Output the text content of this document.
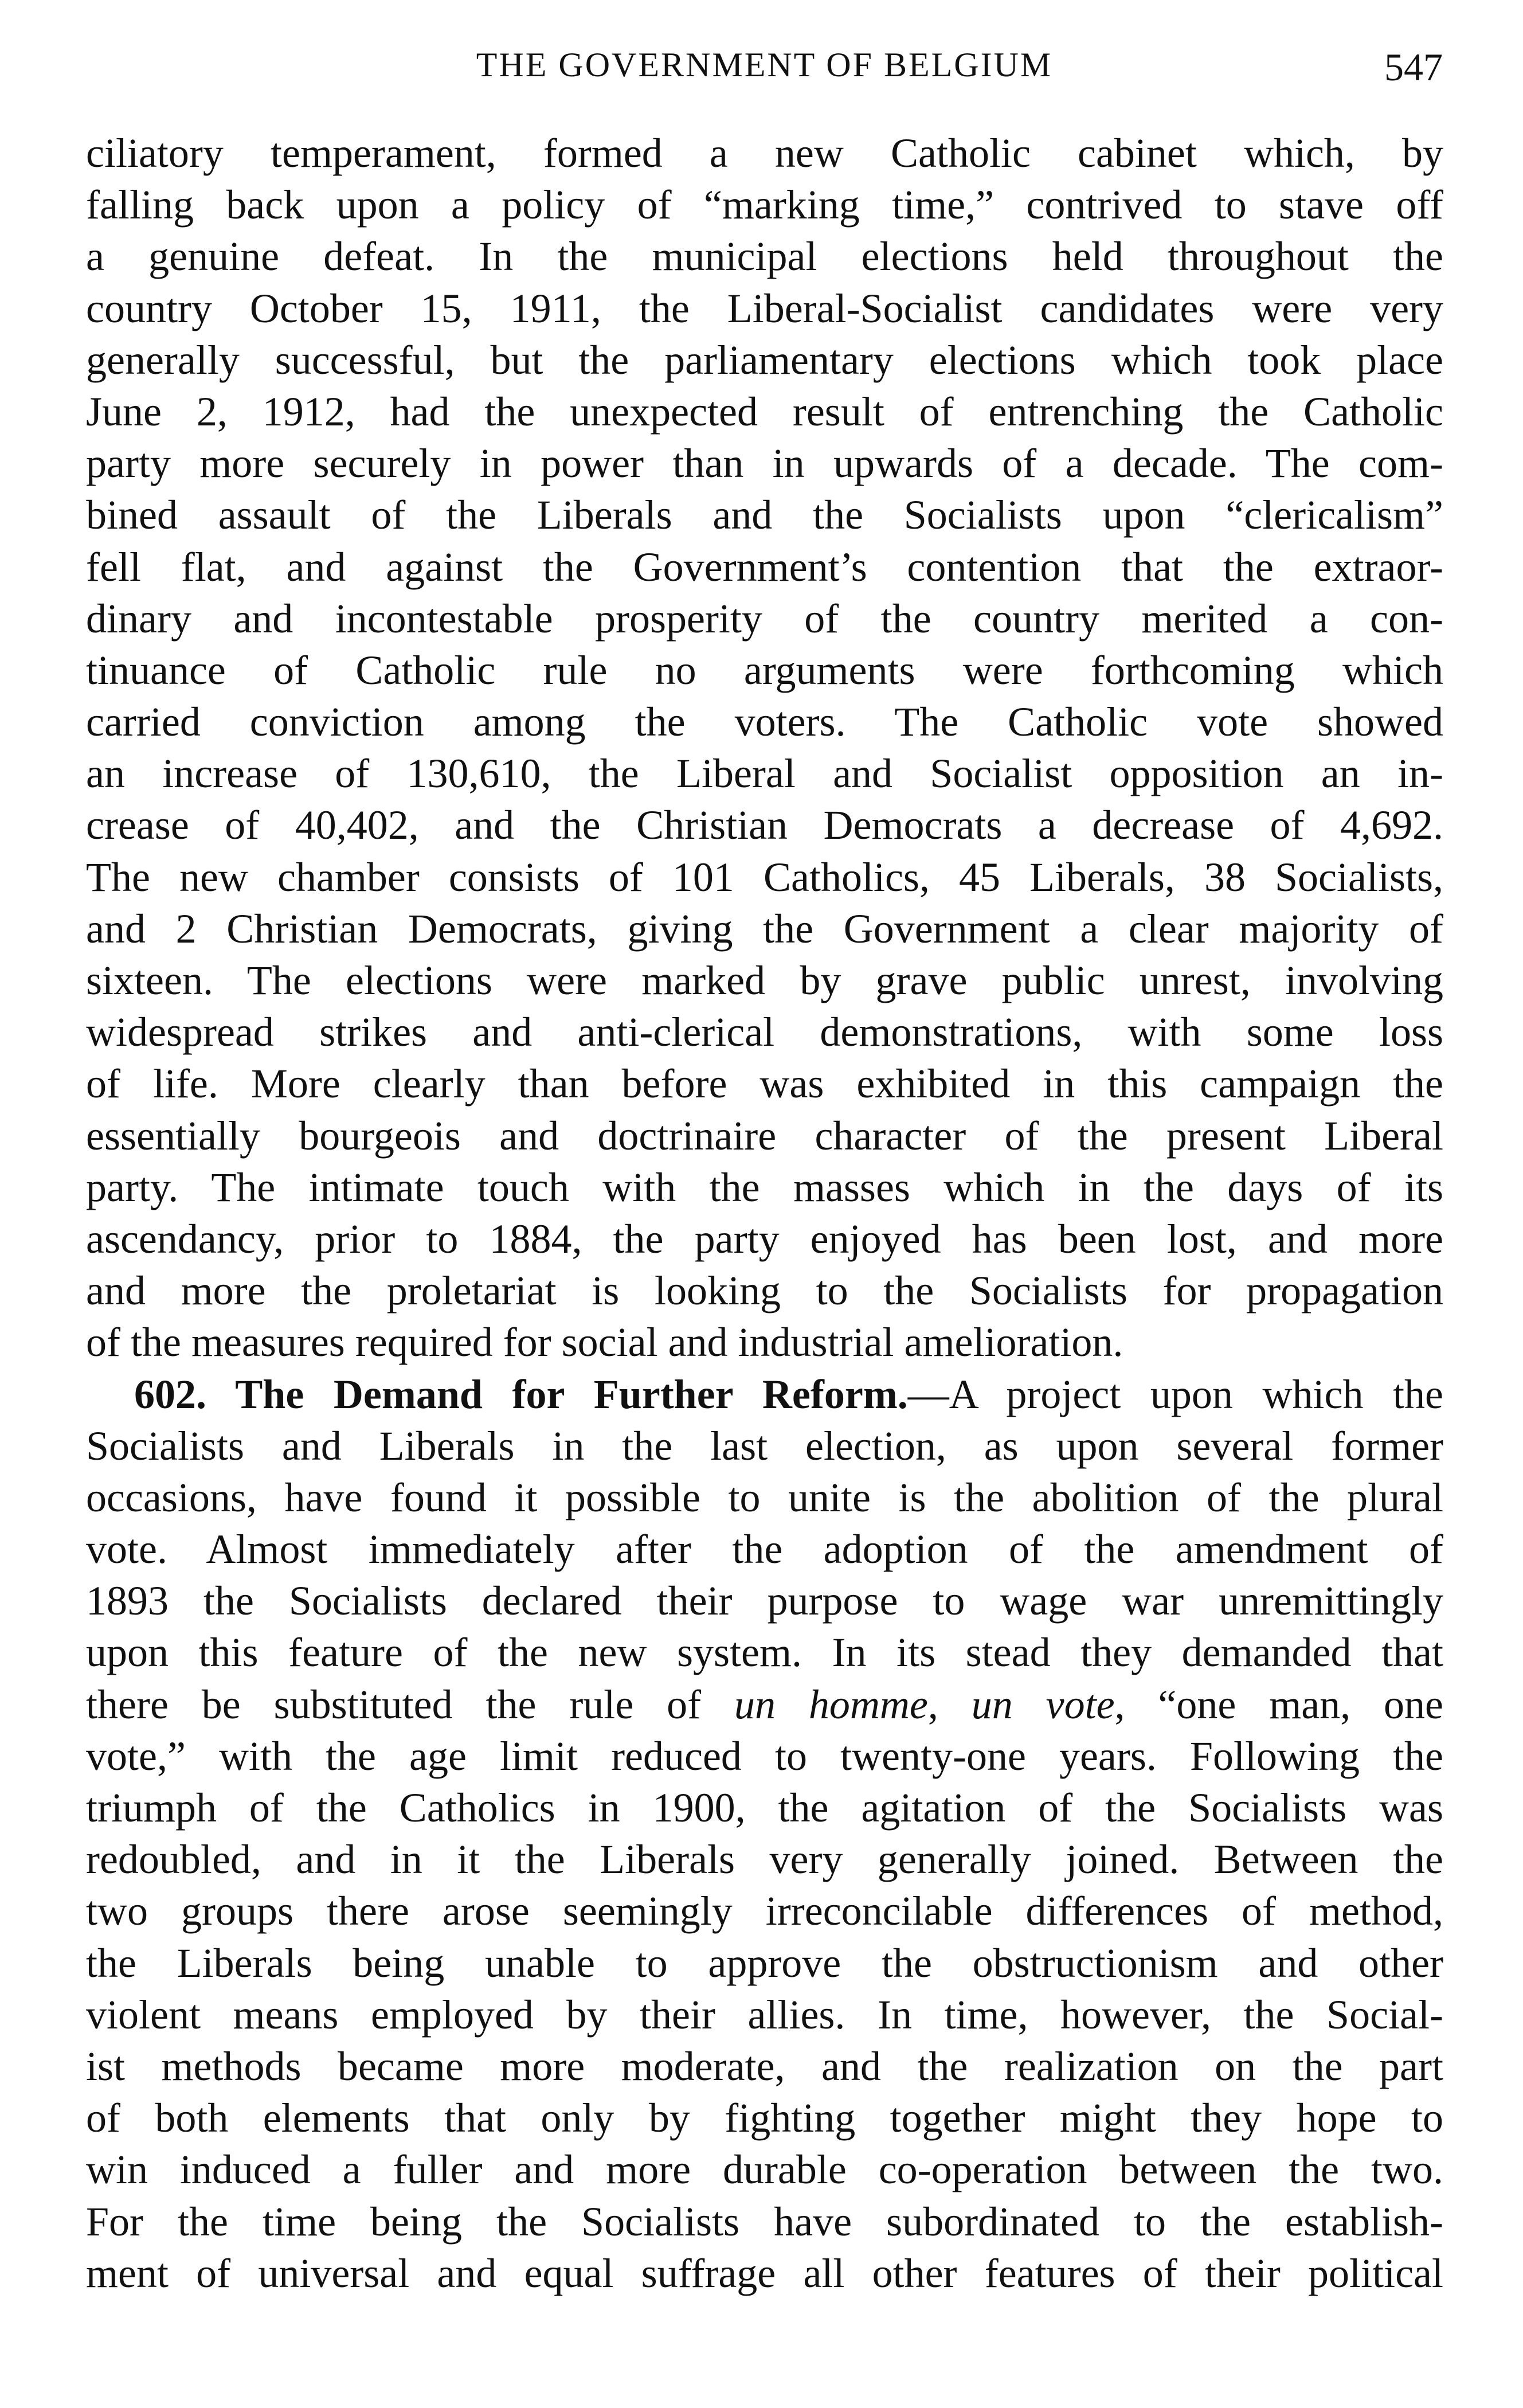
THE GOVERNMENT OF BELGIUM	547
ciliatory temperament, formed a new Catholic cabinet which, by
falling back upon a policy of “marking time,” contrived to stave off
a genuine defeat. In the municipal elections held throughout the
country October 15, 1911, the Liberal-Socialist candidates were very
generally successful, but the parliamentary elections which took place
June 2, 1912, had the unexpected result of entrenching the Catholic
party more securely in power than in upwards of a decade. The com-
bined assault of the Liberals and the Socialists upon “clericalism”
fell flat, and against the Government’s contention that the extraor-
dinary and incontestable prosperity of the country merited a con-
tinuance of Catholic rule no arguments were forthcoming which
carried conviction among the voters. The Catholic vote showed
an increase of 130,610, the Liberal and Socialist opposition an in-
crease of 40,402, and the Christian Democrats a decrease of 4,692.
The new chamber consists of 101 Catholics, 45 Liberals, 38 Socialists,
and 2 Christian Democrats, giving the Government a clear majority of
sixteen. The elections were marked by grave public unrest, involving
widespread strikes and anti-clerical demonstrations, with some loss
of life. More clearly than before was exhibited in this campaign the
essentially bourgeois and doctrinaire character of the present Liberal
party. The intimate touch with the masses which in the days of its
ascendancy, prior to 1884, the party enjoyed has been lost, and more
and more the proletariat is looking to the Socialists for propagation
of the measures required for social and industrial amelioration.
602. The Demand for Further Reform.—A project upon which the
Socialists and Liberals in the last election, as upon several former
occasions, have found it possible to unite is the abolition of the plural
vote. Almost immediately after the adoption of the amendment of
1893 the Socialists declared their purpose to wage war unremittingly
upon this feature of the new system. In its stead they demanded that
there be substituted the rule of un homme, un vote, “one man, one
vote,” with the age limit reduced to twenty-one years. Following the
triumph of the Catholics in 1900, the agitation of the Socialists was
redoubled, and in it the Liberals very generally joined. Between the
two groups there arose seemingly irreconcilable differences of method,
the Liberals being unable to approve the obstructionism and other
violent means employed by their allies. In time, however, the Social-
ist methods became more moderate, and the realization on the part
of both elements that only by fighting together might they hope to
win induced a fuller and more durable co-operation between the two.
For the time being the Socialists have subordinated to the establish-
ment of universal and equal suffrage all other features of their political
